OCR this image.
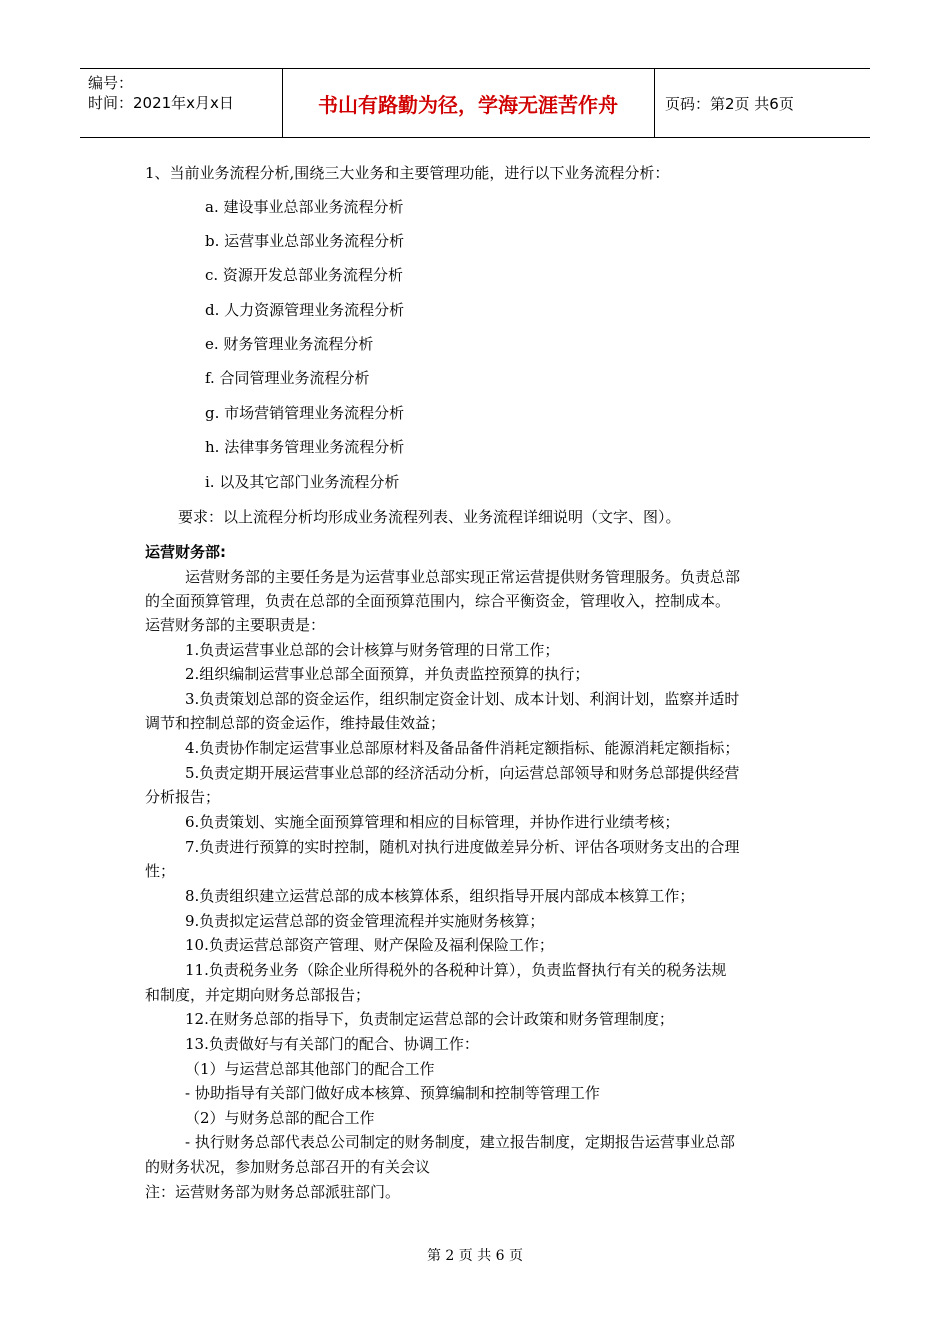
编号：
时间：2021年x月x日	书山有路勤为径，学海无涯苦作舟	页码：第2页 共6页
1、当前业务流程分析,围绕三大业务和主要管理功能，进行以下业务流程分析：
a. 建设事业总部业务流程分析
b. 运营事业总部业务流程分析
c. 资源开发总部业务流程分析
d. 人力资源管理业务流程分析
e. 财务管理业务流程分析
f. 合同管理业务流程分析
g. 市场营销管理业务流程分析
h. 法律事务管理业务流程分析
i. 以及其它部门业务流程分析
要求：以上流程分析均形成业务流程列表、业务流程详细说明（文字、图）。
运营财务部:
运营财务部的主要任务是为运营事业总部实现正常运营提供财务管理服务。负责总部
的全面预算管理，负责在总部的全面预算范围内，综合平衡资金，管理收入，控制成本。
运营财务部的主要职责是：
1.负责运营事业总部的会计核算与财务管理的日常工作；
2.组织编制运营事业总部全面预算，并负责监控预算的执行；
3.负责策划总部的资金运作，组织制定资金计划、成本计划、利润计划，监察并适时
调节和控制总部的资金运作，维持最佳效益；
4.负责协作制定运营事业总部原材料及备品备件消耗定额指标、能源消耗定额指标；
5.负责定期开展运营事业总部的经济活动分析，向运营总部领导和财务总部提供经营
分析报告；
6.负责策划、实施全面预算管理和相应的目标管理，并协作进行业绩考核；
7.负责进行预算的实时控制，随机对执行进度做差异分析、评估各项财务支出的合理
性；
8.负责组织建立运营总部的成本核算体系，组织指导开展内部成本核算工作；
9.负责拟定运营总部的资金管理流程并实施财务核算；
10.负责运营总部资产管理、财产保险及福利保险工作；
11.负责税务业务（除企业所得税外的各税种计算），负责监督执行有关的税务法规
和制度，并定期向财务总部报告；
12.在财务总部的指导下，负责制定运营总部的会计政策和财务管理制度；
13.负责做好与有关部门的配合、协调工作：
（1）与运营总部其他部门的配合工作
- 协助指导有关部门做好成本核算、预算编制和控制等管理工作
（2）与财务总部的配合工作
- 执行财务总部代表总公司制定的财务制度，建立报告制度，定期报告运营事业总部
的财务状况，参加财务总部召开的有关会议
注：运营财务部为财务总部派驻部门。
第 2 页 共 6 页
